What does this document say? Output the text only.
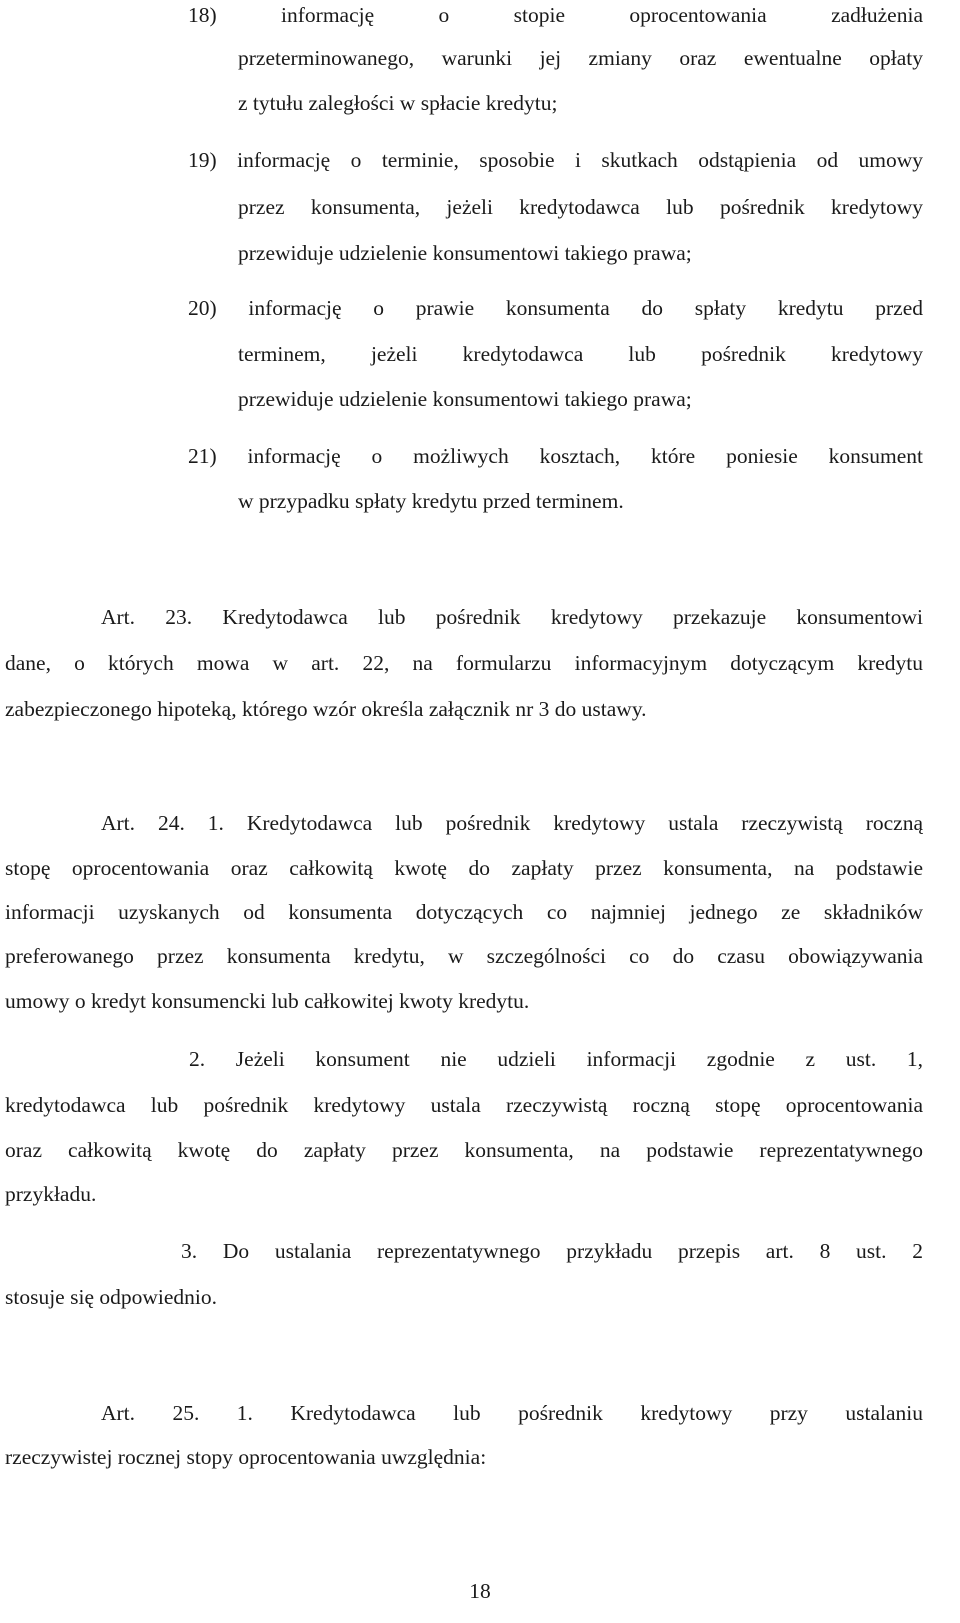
18) informację o stopie oprocentowania zadłużenia
przeterminowanego, warunki jej zmiany oraz ewentualne opłaty
z tytułu zaległości w spłacie kredytu;
19) informację o terminie, sposobie i skutkach odstąpienia od umowy
przez konsumenta, jeżeli kredytodawca lub pośrednik kredytowy
przewiduje udzielenie konsumentowi takiego prawa;
20) informację o prawie konsumenta do spłaty kredytu przed
terminem, jeżeli kredytodawca lub pośrednik kredytowy
przewiduje udzielenie konsumentowi takiego prawa;
21) informację o możliwych kosztach, które poniesie konsument
w przypadku spłaty kredytu przed terminem.
Art. 23. Kredytodawca lub pośrednik kredytowy przekazuje konsumentowi
dane, o których mowa w art. 22, na formularzu informacyjnym dotyczącym kredytu
zabezpieczonego hipoteką, którego wzór określa załącznik nr 3 do ustawy.
Art. 24. 1. Kredytodawca lub pośrednik kredytowy ustala rzeczywistą roczną
stopę oprocentowania oraz całkowitą kwotę do zapłaty przez konsumenta, na podstawie
informacji uzyskanych od konsumenta dotyczących co najmniej jednego ze składników
preferowanego przez konsumenta kredytu, w szczególności co do czasu obowiązywania
umowy o kredyt konsumencki lub całkowitej kwoty kredytu.
2. Jeżeli konsument nie udzieli informacji zgodnie z ust. 1,
kredytodawca lub pośrednik kredytowy ustala rzeczywistą roczną stopę oprocentowania
oraz całkowitą kwotę do zapłaty przez konsumenta, na podstawie reprezentatywnego
przykładu.
3. Do ustalania reprezentatywnego przykładu przepis art. 8 ust. 2
stosuje się odpowiednio.
Art. 25. 1. Kredytodawca lub pośrednik kredytowy przy ustalaniu
rzeczywistej rocznej stopy oprocentowania uwzględnia:
18
